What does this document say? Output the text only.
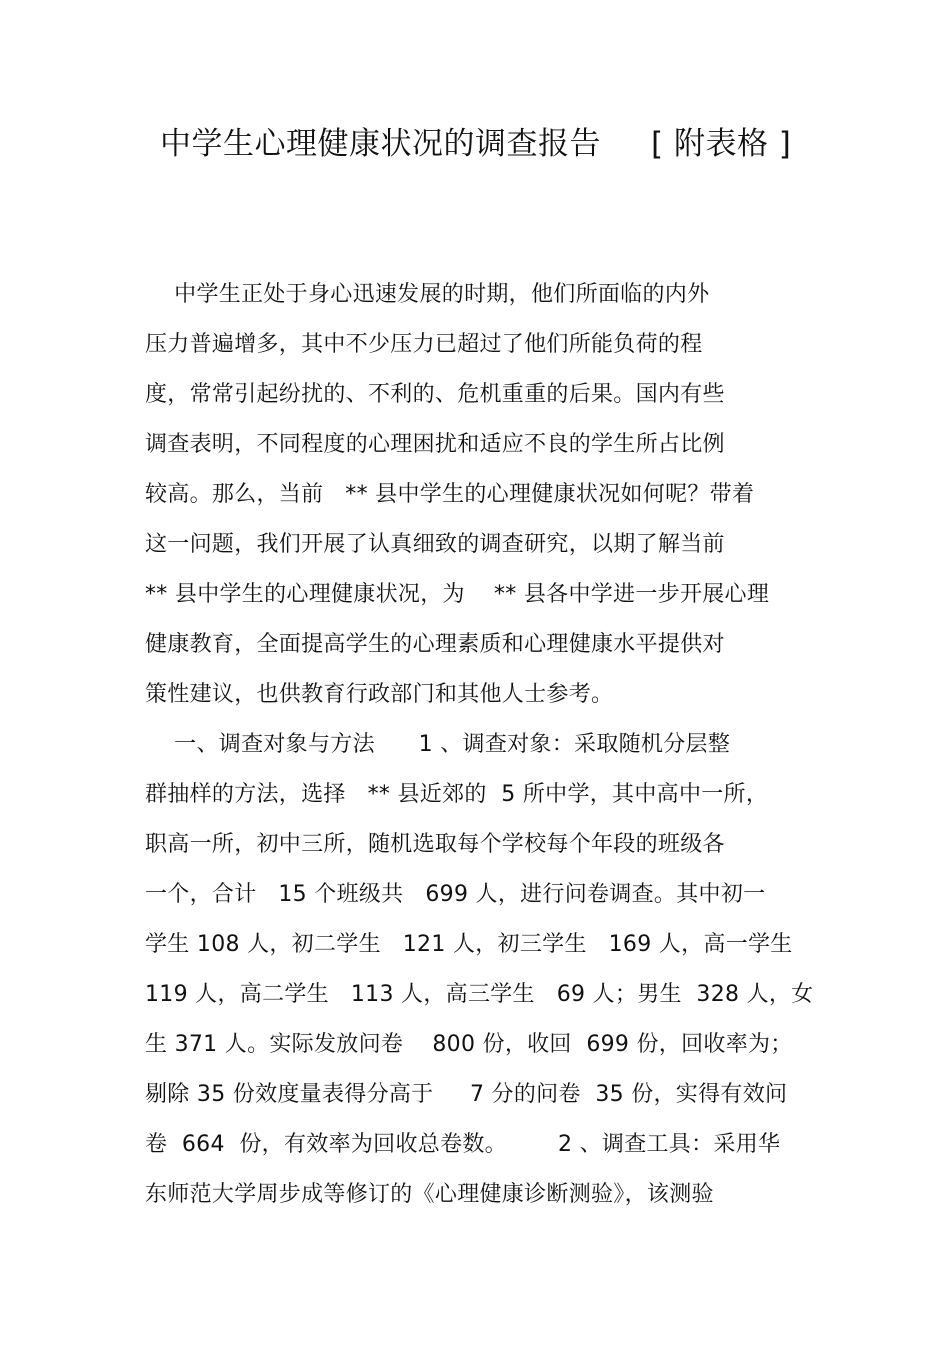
中学生心理健康状况的调查报告 [ 附表格 ]
中学生正处于身心迅速发展的时期，他们所面临的内外
压力普遍增多，其中不少压力已超过了他们所能负荷的程
度，常常引起纷扰的、不利的、危机重重的后果。国内有些
调查表明，不同程度的心理困扰和适应不良的学生所占比例
较高。那么，当前   ** 县中学生的心理健康状况如何呢？带着
这一问题，我们开展了认真细致的调查研究，以期了解当前
** 县中学生的心理健康状况，为    ** 县各中学进一步开展心理
健康教育，全面提高学生的心理素质和心理健康水平提供对
策性建议，也供教育行政部门和其他人士参考。
一、调查对象与方法      1 、调查对象：采取随机分层整
群抽样的方法，选择   ** 县近郊的  5 所中学，其中高中一所，
职高一所，初中三所，随机选取每个学校每个年段的班级各
一个，合计   15 个班级共   699 人，进行问卷调查。其中初一
学生 108 人，初二学生   121 人，初三学生   169 人，高一学生
119 人，高二学生   113 人，高三学生   69 人；男生  328 人，女
生 371 人。实际发放问卷    800 份，收回  699 份，回收率为；
剔除 35 份效度量表得分高于     7 分的问卷  35 份，实得有效问
卷  664  份，有效率为回收总卷数。       2 、调查工具：采用华
东师范大学周步成等修订的《心理健康诊断测验》，该测验
